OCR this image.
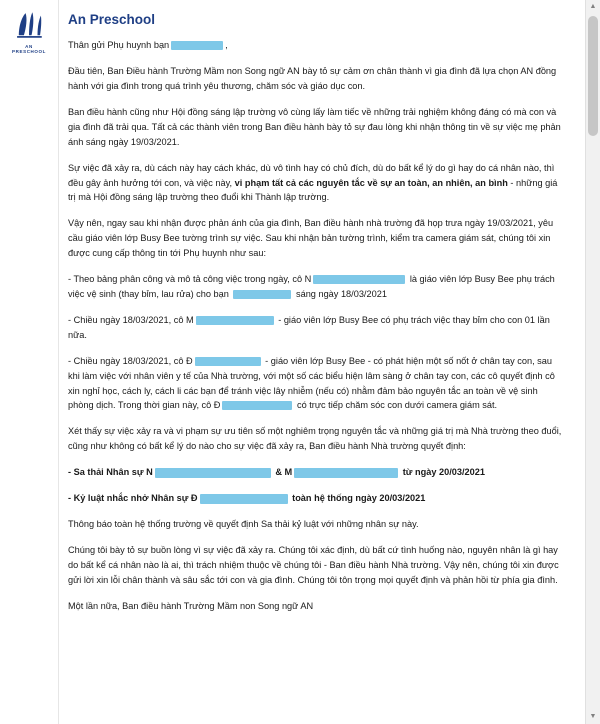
AN PRESCHOOL
An Preschool

Thân gửi Phụ huynh bạn	,

Đầu tiên, Ban Điều hành Trường Mầm non Song ngữ AN bày tỏ sự cảm ơn chân thành vì gia đình đã lựa chọn AN đồng hành với gia đình trong quá trình yêu thương, chăm sóc và giáo dục con.

Ban điều hành cũng như Hội đồng sáng lập trường vô cùng lấy làm tiếc về những trải nghiệm không đáng có mà con và gia đình đã trải qua. Tất cả các thành viên trong Ban điều hành bày tỏ sự đau lòng khi nhận thông tin về sự việc mẹ phản ánh sáng ngày 19/03/2021.

Sự việc đã xảy ra, dù cách này hay cách khác, dù vô tình hay có chủ đích, dù do bất kể lý do gì hay do cá nhân nào, thì đều gây ảnh hưởng tới con, và việc này, vi phạm tất cả các nguyên tắc về sự an toàn, an nhiên, an bình - những giá trị mà Hội đồng sáng lập trường theo đuổi khi Thành lập trường.

Vậy nên, ngay sau khi nhận được phản ánh của gia đình, Ban điều hành nhà trường đã họp trưa ngày 19/03/2021, yêu cầu giáo viên lớp Busy Bee tường trình sự việc. Sau khi nhận bản tường trình, kiểm tra camera giám sát, chúng tôi xin được cung cấp thông tin tới Phụ huynh như sau:

- Theo bảng phân công và mô tả công việc trong ngày, cô N	là giáo viên lớp Busy Bee phụ trách việc vệ sinh (thay bỉm, lau rửa) cho bạn	sáng ngày 18/03/2021

- Chiều ngày 18/03/2021, cô M	- giáo viên lớp Busy Bee có phụ trách việc thay bỉm cho con 01 lần nữa.

- Chiều ngày 18/03/2021, cô Đ	- giáo viên lớp Busy Bee - có phát hiện một số nốt ở chân tay con, sau khi làm việc với nhân viên y tế của Nhà trường, với một số các biểu hiện lâm sàng ở chân tay con, các cô quyết định cô xin nghỉ học, cách ly, cách li các bạn để tránh việc lây nhiễm (nếu có) nhằm đảm bảo nguyên tắc an toàn về vệ sinh phòng dịch. Trong thời gian này, cô Đ	có trực tiếp chăm sóc con dưới camera giám sát.

Xét thấy sự việc xảy ra và vi phạm sự ưu tiên số một nghiêm trọng nguyên tắc và những giá trị mà Nhà trường theo đuổi, cũng như không có bất kể lý do nào cho sự việc đã xảy ra, Ban điều hành Nhà trường quyết định:

- Sa thải Nhân sự N	& M	từ ngày 20/03/2021

- Kỷ luật nhắc nhở Nhân sự Đ	toàn hệ thống ngày 20/03/2021

Thông báo toàn hệ thống trường về quyết định Sa thải kỷ luật với những nhân sự này.

Chúng tôi bày tỏ sự buồn lòng vì sự việc đã xảy ra. Chúng tôi xác định, dù bất cứ tình huống nào, nguyên nhân là gì hay do bất kể cá nhân nào là ai, thì trách nhiệm thuộc về chúng tôi - Ban điều hành Nhà trường. Vậy nên, chúng tôi xin được gửi lời xin lỗi chân thành và sâu sắc tới con và gia đình. Chúng tôi tôn trọng mọi quyết định và phản hồi từ phía gia đình.

Một lần nữa, Ban điều hành Trường Mầm non Song ngữ AN
▲
▼
